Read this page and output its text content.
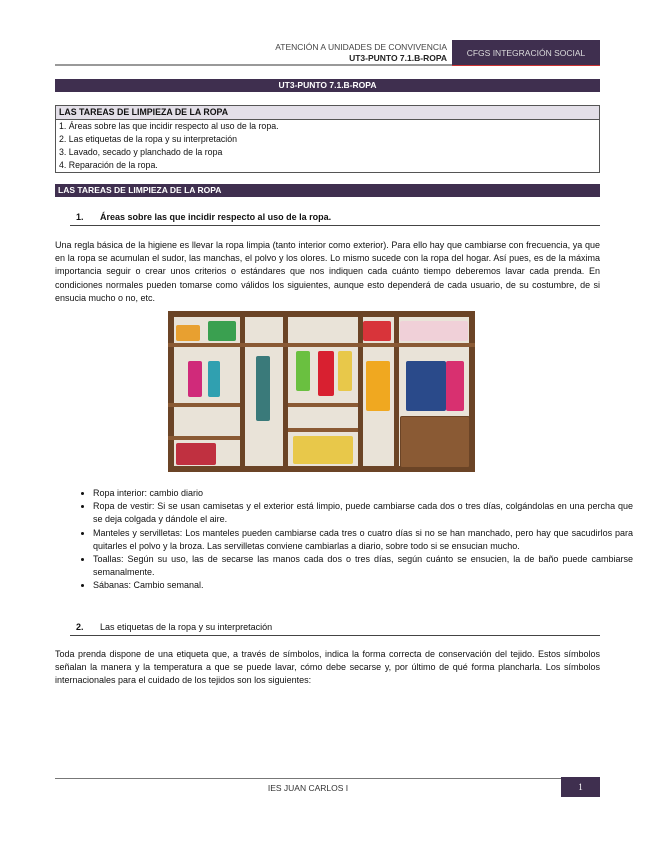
ATENCIÓN A UNIDADES DE CONVIVENCIA
UT3-PUNTO 7.1.B-ROPA
CFGS INTEGRACIÓN SOCIAL
UT3-PUNTO 7.1.B-ROPA
LAS TAREAS DE LIMPIEZA DE LA ROPA
1. Áreas sobre las que incidir respecto al uso de la ropa.
2. Las etiquetas de la ropa y su interpretación
3. Lavado, secado y planchado de la ropa
4. Reparación de la ropa.
LAS TAREAS DE LIMPIEZA DE LA ROPA
1. Áreas sobre las que incidir respecto al uso de la ropa.
Una regla básica de la higiene es llevar la ropa limpia (tanto interior como exterior). Para ello hay que cambiarse con frecuencia, ya que en la ropa se acumulan el sudor, las manchas, el polvo y los olores. Lo mismo sucede con la ropa del hogar. Así pues, es de la máxima importancia seguir o crear unos criterios o estándares que nos indiquen cada cuánto tiempo deberemos lavar cada prenda. En condiciones normales pueden tomarse como válidos los siguientes, aunque esto dependerá de cada usuario, de su costumbre, de si ensucia mucho o no, etc.
• Ropa interior: cambio diario
• Ropa de vestir: Si se usan camisetas y el exterior está limpio, puede cambiarse cada dos o tres días, colgándolas en una percha que se deja colgada y dándole el aire.
• Manteles y servilletas: Los manteles pueden cambiarse cada tres o cuatro días si no se han manchado, pero hay que sacudirlos para quitarles el polvo y la broza. Las servilletas conviene cambiarlas a diario, sobre todo si se ensucian mucho.
• Toallas: Según su uso, las de secarse las manos cada dos o tres días, según cuánto se ensucien, la de baño puede cambiarse semanalmente.
• Sábanas: Cambio semanal.
2. Las etiquetas de la ropa y su interpretación
Toda prenda dispone de una etiqueta que, a través de símbolos, indica la forma correcta de conservación del tejido. Estos símbolos señalan la manera y la temperatura a que se puede lavar, cómo debe secarse y, por último de qué forma plancharla. Los símbolos internacionales para el cuidado de los tejidos son los siguientes:
IES JUAN CARLOS I	1
